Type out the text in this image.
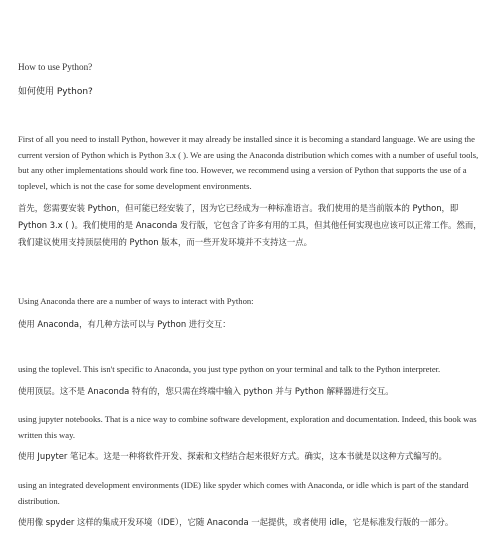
How to use Python?

如何使用 Python?

First of all you need to install Python, however it may already be installed since it is becoming a standard language. We are using the current version of Python which is Python 3.x ( ). We are using the Anaconda distribution which comes with a number of useful tools, but any other implementations should work fine too. However, we recommend using a version of Python that supports the use of a toplevel, which is not the case for some development environments.

首先，您需要安装 Python，但可能已经安装了，因为它已经成为一种标准语言。我们使用的是当前版本的 Python，即 Python 3.x ( )。我们使用的是 Anaconda 发行版，它包含了许多有用的工具，但其他任何实现也应该可以正常工作。然而，我们建议使用支持顶层使用的 Python 版本，而一些开发环境并不支持这一点。

Using Anaconda there are a number of ways to interact with Python:

使用 Anaconda，有几种方法可以与 Python 进行交互：

using the toplevel. This isn't specific to Anaconda, you just type python on your terminal and talk to the Python interpreter.

使用顶层。这不是 Anaconda 特有的，您只需在终端中输入 python 并与 Python 解释器进行交互。

using jupyter notebooks. That is a nice way to combine software development, exploration and documentation. Indeed, this book was written this way.

使用 Jupyter 笔记本。这是一种将软件开发、探索和文档结合起来很好方式。确实，这本书就是以这种方式编写的。

using an integrated development environments (IDE) like spyder which comes with Anaconda, or idle which is part of the standard distribution.

使用像 spyder 这样的集成开发环境（IDE），它随 Anaconda 一起提供，或者使用 idle，它是标准发行版的一部分。
